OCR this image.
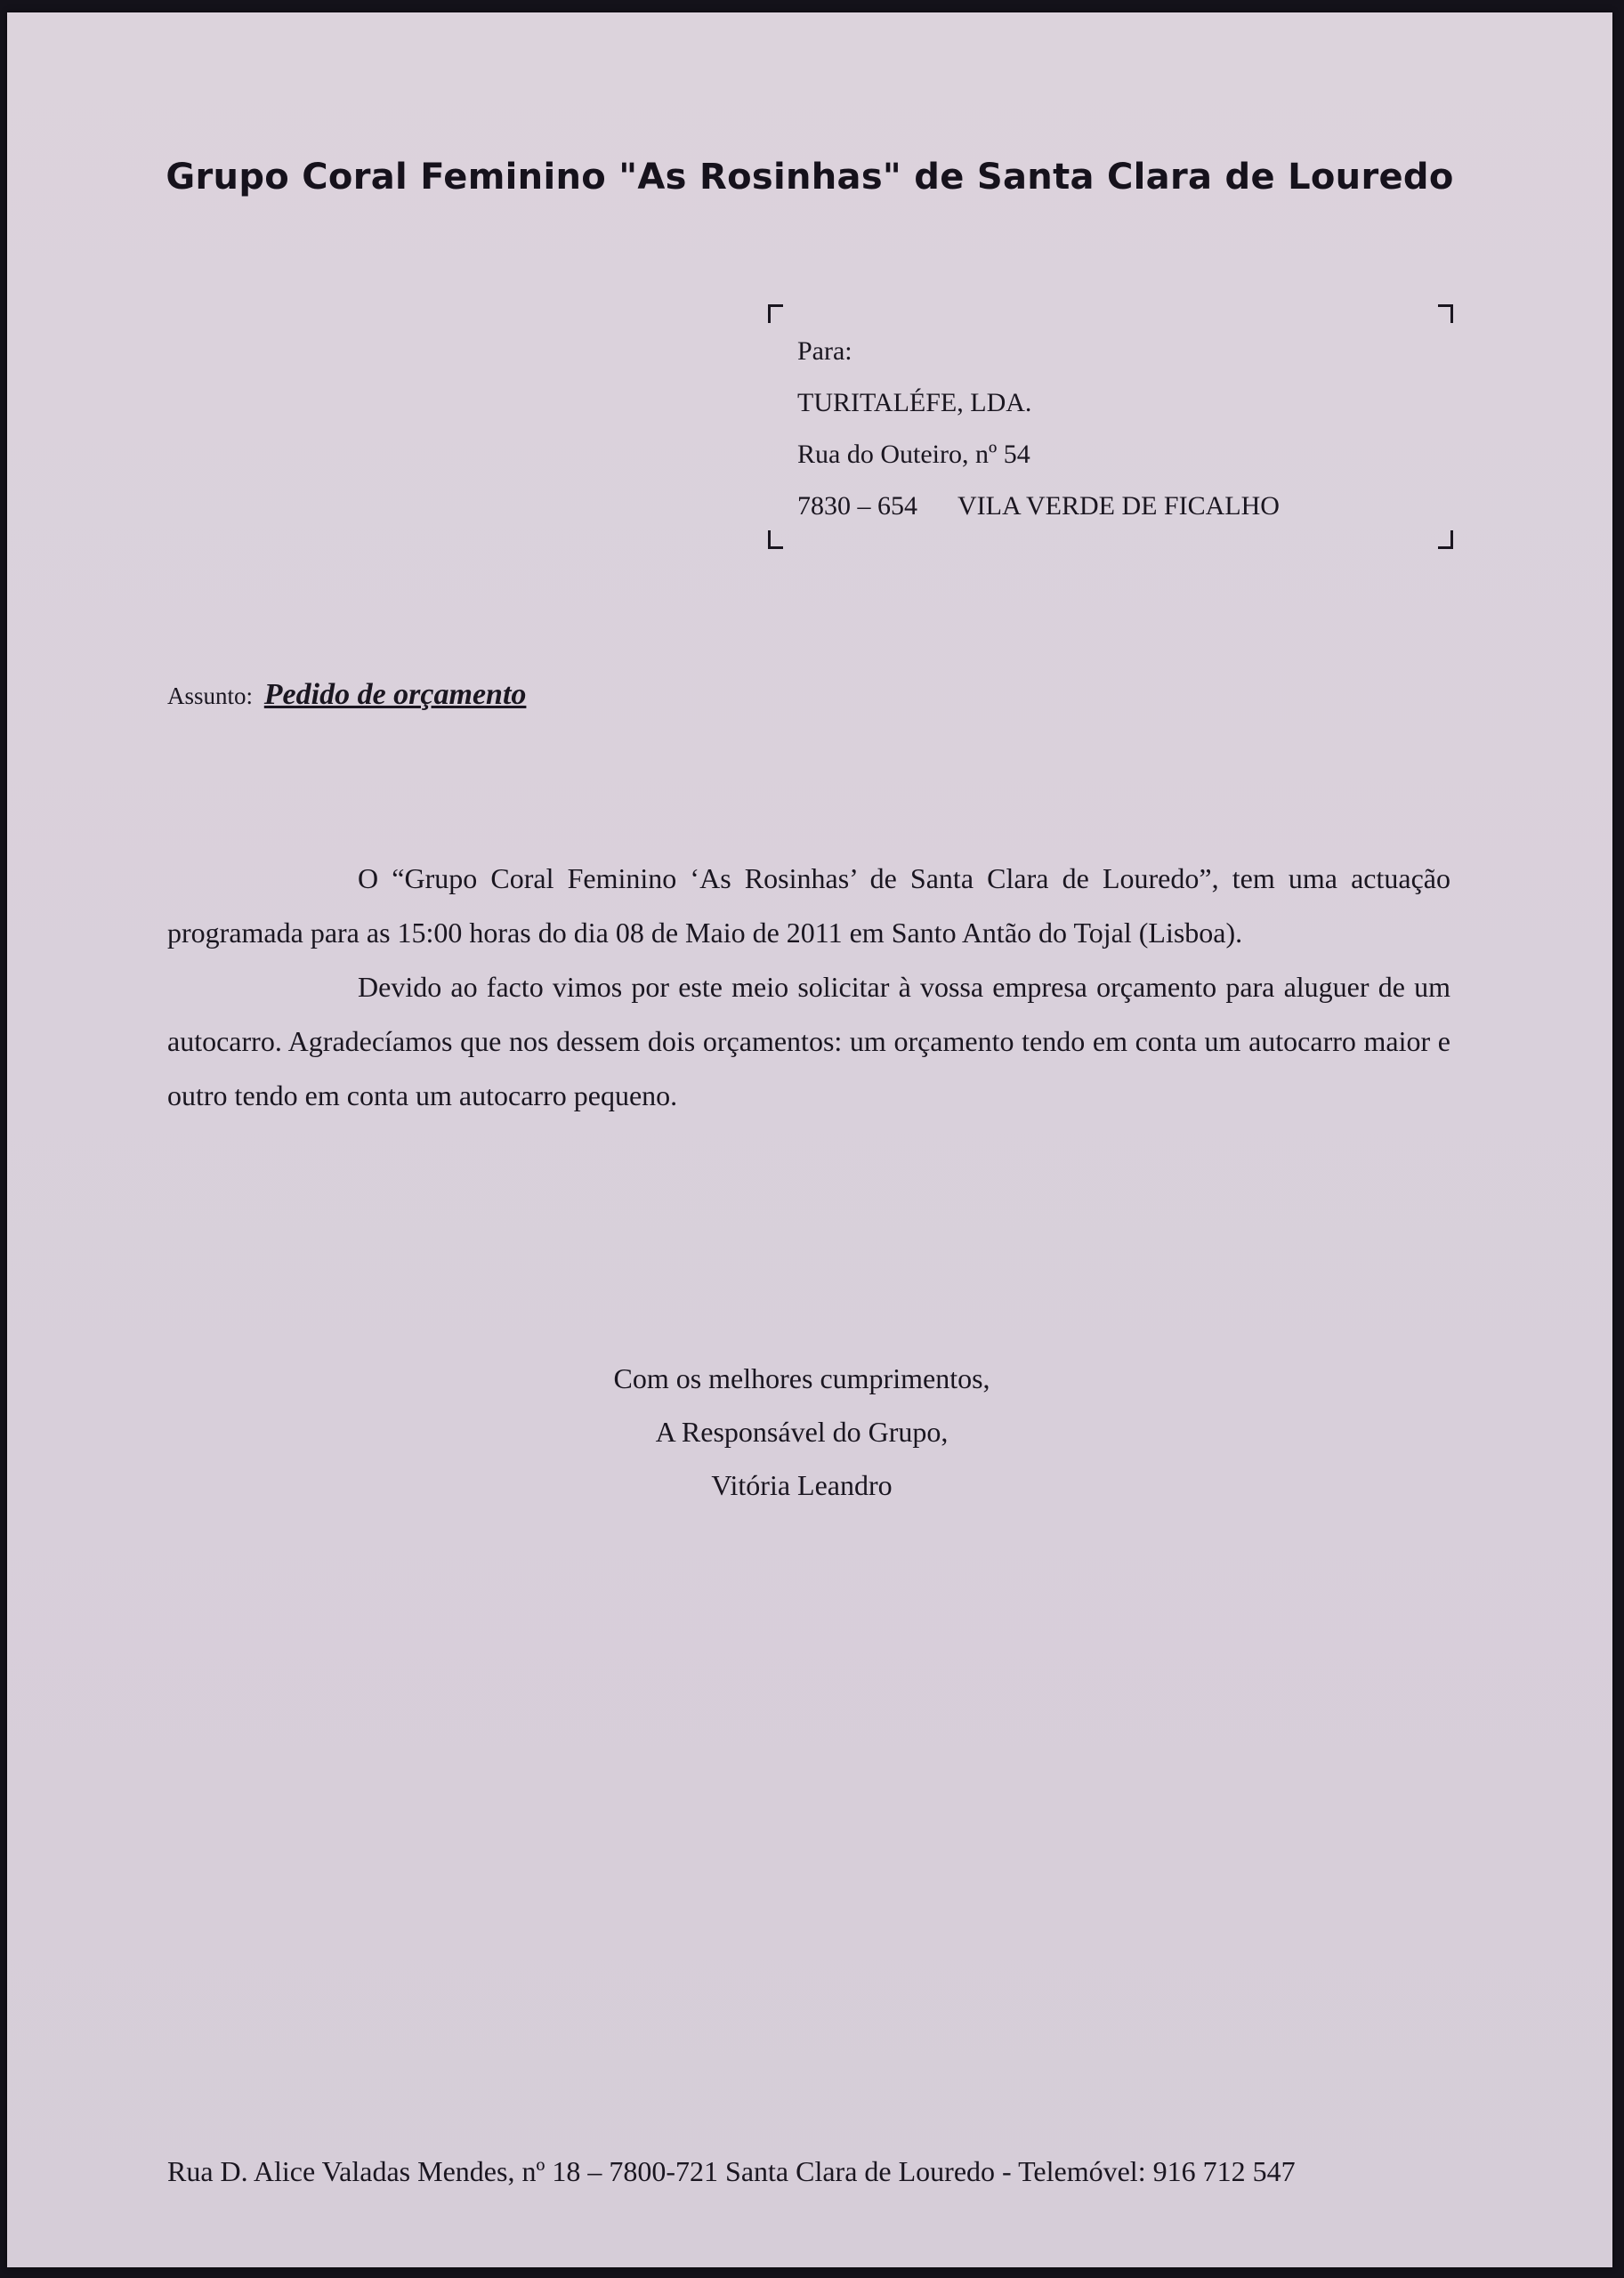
Grupo Coral Feminino "As Rosinhas" de Santa Clara de Louredo
Para:
TURITALÉFE, LDA.
Rua do Outeiro, nº 54
7830 – 654 VILA VERDE DE FICALHO
Assunto: Pedido de orçamento

O “Grupo Coral Feminino ‘As Rosinhas’ de Santa Clara de Louredo”, tem uma actuação programada para as 15:00 horas do dia 08 de Maio de 2011 em Santo Antão do Tojal (Lisboa).

Devido ao facto vimos por este meio solicitar à vossa empresa orçamento para aluguer de um autocarro. Agradecíamos que nos dessem dois orçamentos: um orçamento tendo em conta um autocarro maior e outro tendo em conta um autocarro pequeno.

Com os melhores cumprimentos,
A Responsável do Grupo,
Vitória Leandro
Rua D. Alice Valadas Mendes, nº 18 – 7800-721 Santa Clara de Louredo - Telemóvel: 916 712 547
